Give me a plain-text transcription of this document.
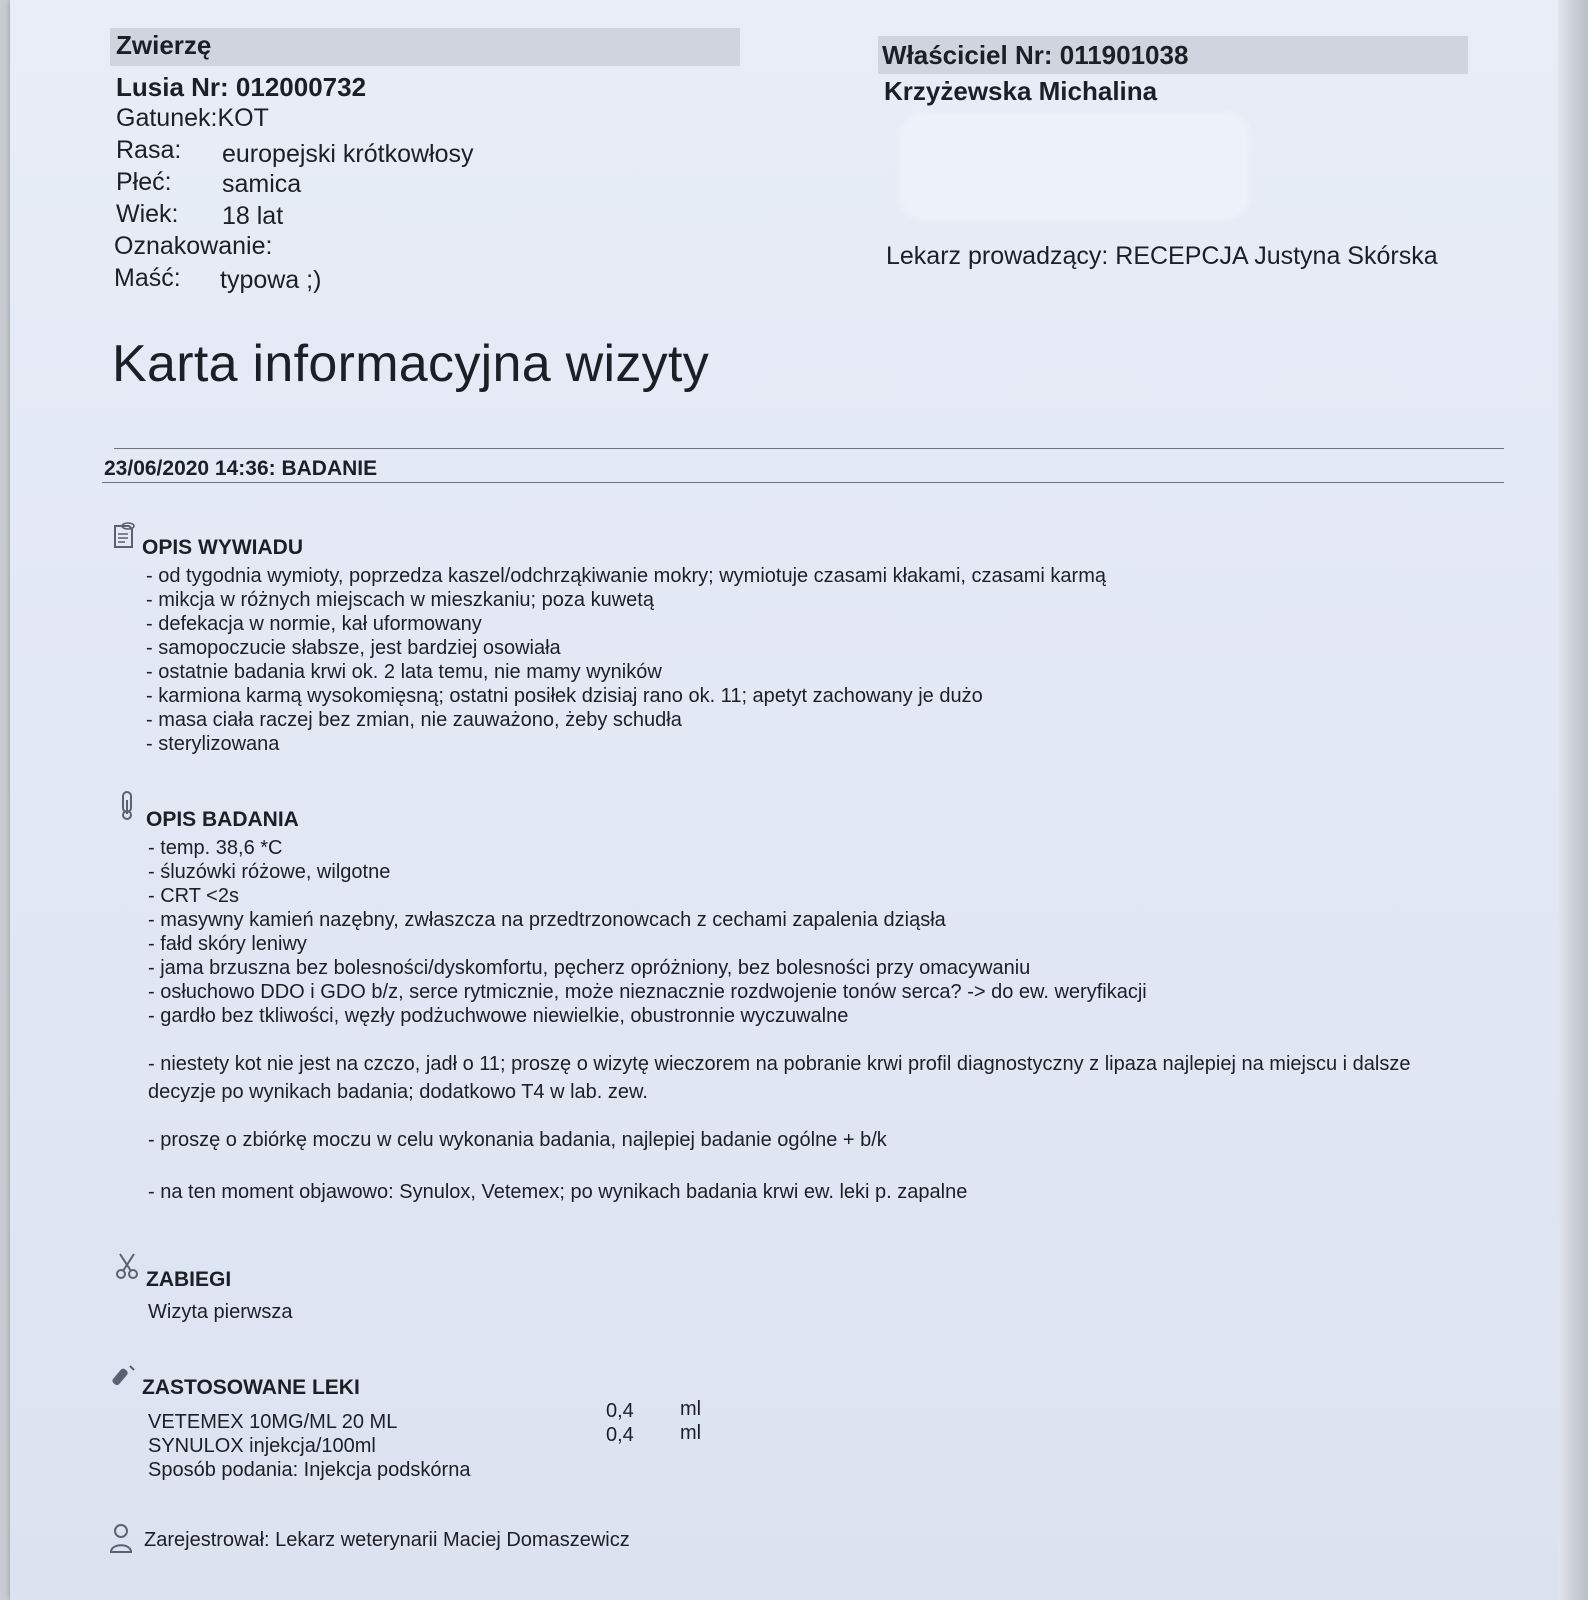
Zwierzę
Lusia Nr: 012000732
Gatunek:KOT
Rasa: europejski krótkowłosy
Płeć: samica
Wiek: 18 lat
Oznakowanie:
Maść: typowa ;)
Właściciel Nr: 011901038
Krzyżewska Michalina
Lekarz prowadzący: RECEPCJA Justyna Skórska
Karta informacyjna wizyty
23/06/2020 14:36: BADANIE
OPIS WYWIADU
- od tygodnia wymioty, poprzedza kaszel/odchrząkiwanie mokry; wymiotuje czasami kłakami, czasami karmą
- mikcja w różnych miejscach w mieszkaniu; poza kuwetą
- defekacja w normie, kał uformowany
- samopoczucie słabsze, jest bardziej osowiała
- ostatnie badania krwi ok. 2 lata temu, nie mamy wyników
- karmiona karmą wysokomięsną; ostatni posiłek dzisiaj rano ok. 11; apetyt zachowany je dużo
- masa ciała raczej bez zmian, nie zauważono, żeby schudła
- sterylizowana
OPIS BADANIA
- temp. 38,6 *C
- śluzówki różowe, wilgotne
- CRT <2s
- masywny kamień nazębny, zwłaszcza na przedtrzonowcach z cechami zapalenia dziąsła
- fałd skóry leniwy
- jama brzuszna bez bolesności/dyskomfortu, pęcherz opróżniony, bez bolesności przy omacywaniu
- osłuchowo DDO i GDO b/z, serce rytmicznie, może nieznacznie rozdwojenie tonów serca? -> do ew. weryfikacji
- gardło bez tkliwości, węzły podżuchwowe niewielkie, obustronnie wyczuwalne
- niestety kot nie jest na czczo, jadł o 11; proszę o wizytę wieczorem na pobranie krwi profil diagnostyczny z lipaza najlepiej na miejscu i dalsze
decyzje po wynikach badania; dodatkowo T4 w lab. zew.
- proszę o zbiórkę moczu w celu wykonania badania, najlepiej badanie ogólne + b/k
- na ten moment objawowo: Synulox, Vetemex; po wynikach badania krwi ew. leki p. zapalne
ZABIEGI
Wizyta pierwsza
ZASTOSOWANE LEKI
VETEMEX 10MG/ML 20 ML	0,4 ml
SYNULOX injekcja/100ml	0,4 ml
Sposób podania: Injekcja podskórna
Zarejestrował: Lekarz weterynarii Maciej Domaszewicz
